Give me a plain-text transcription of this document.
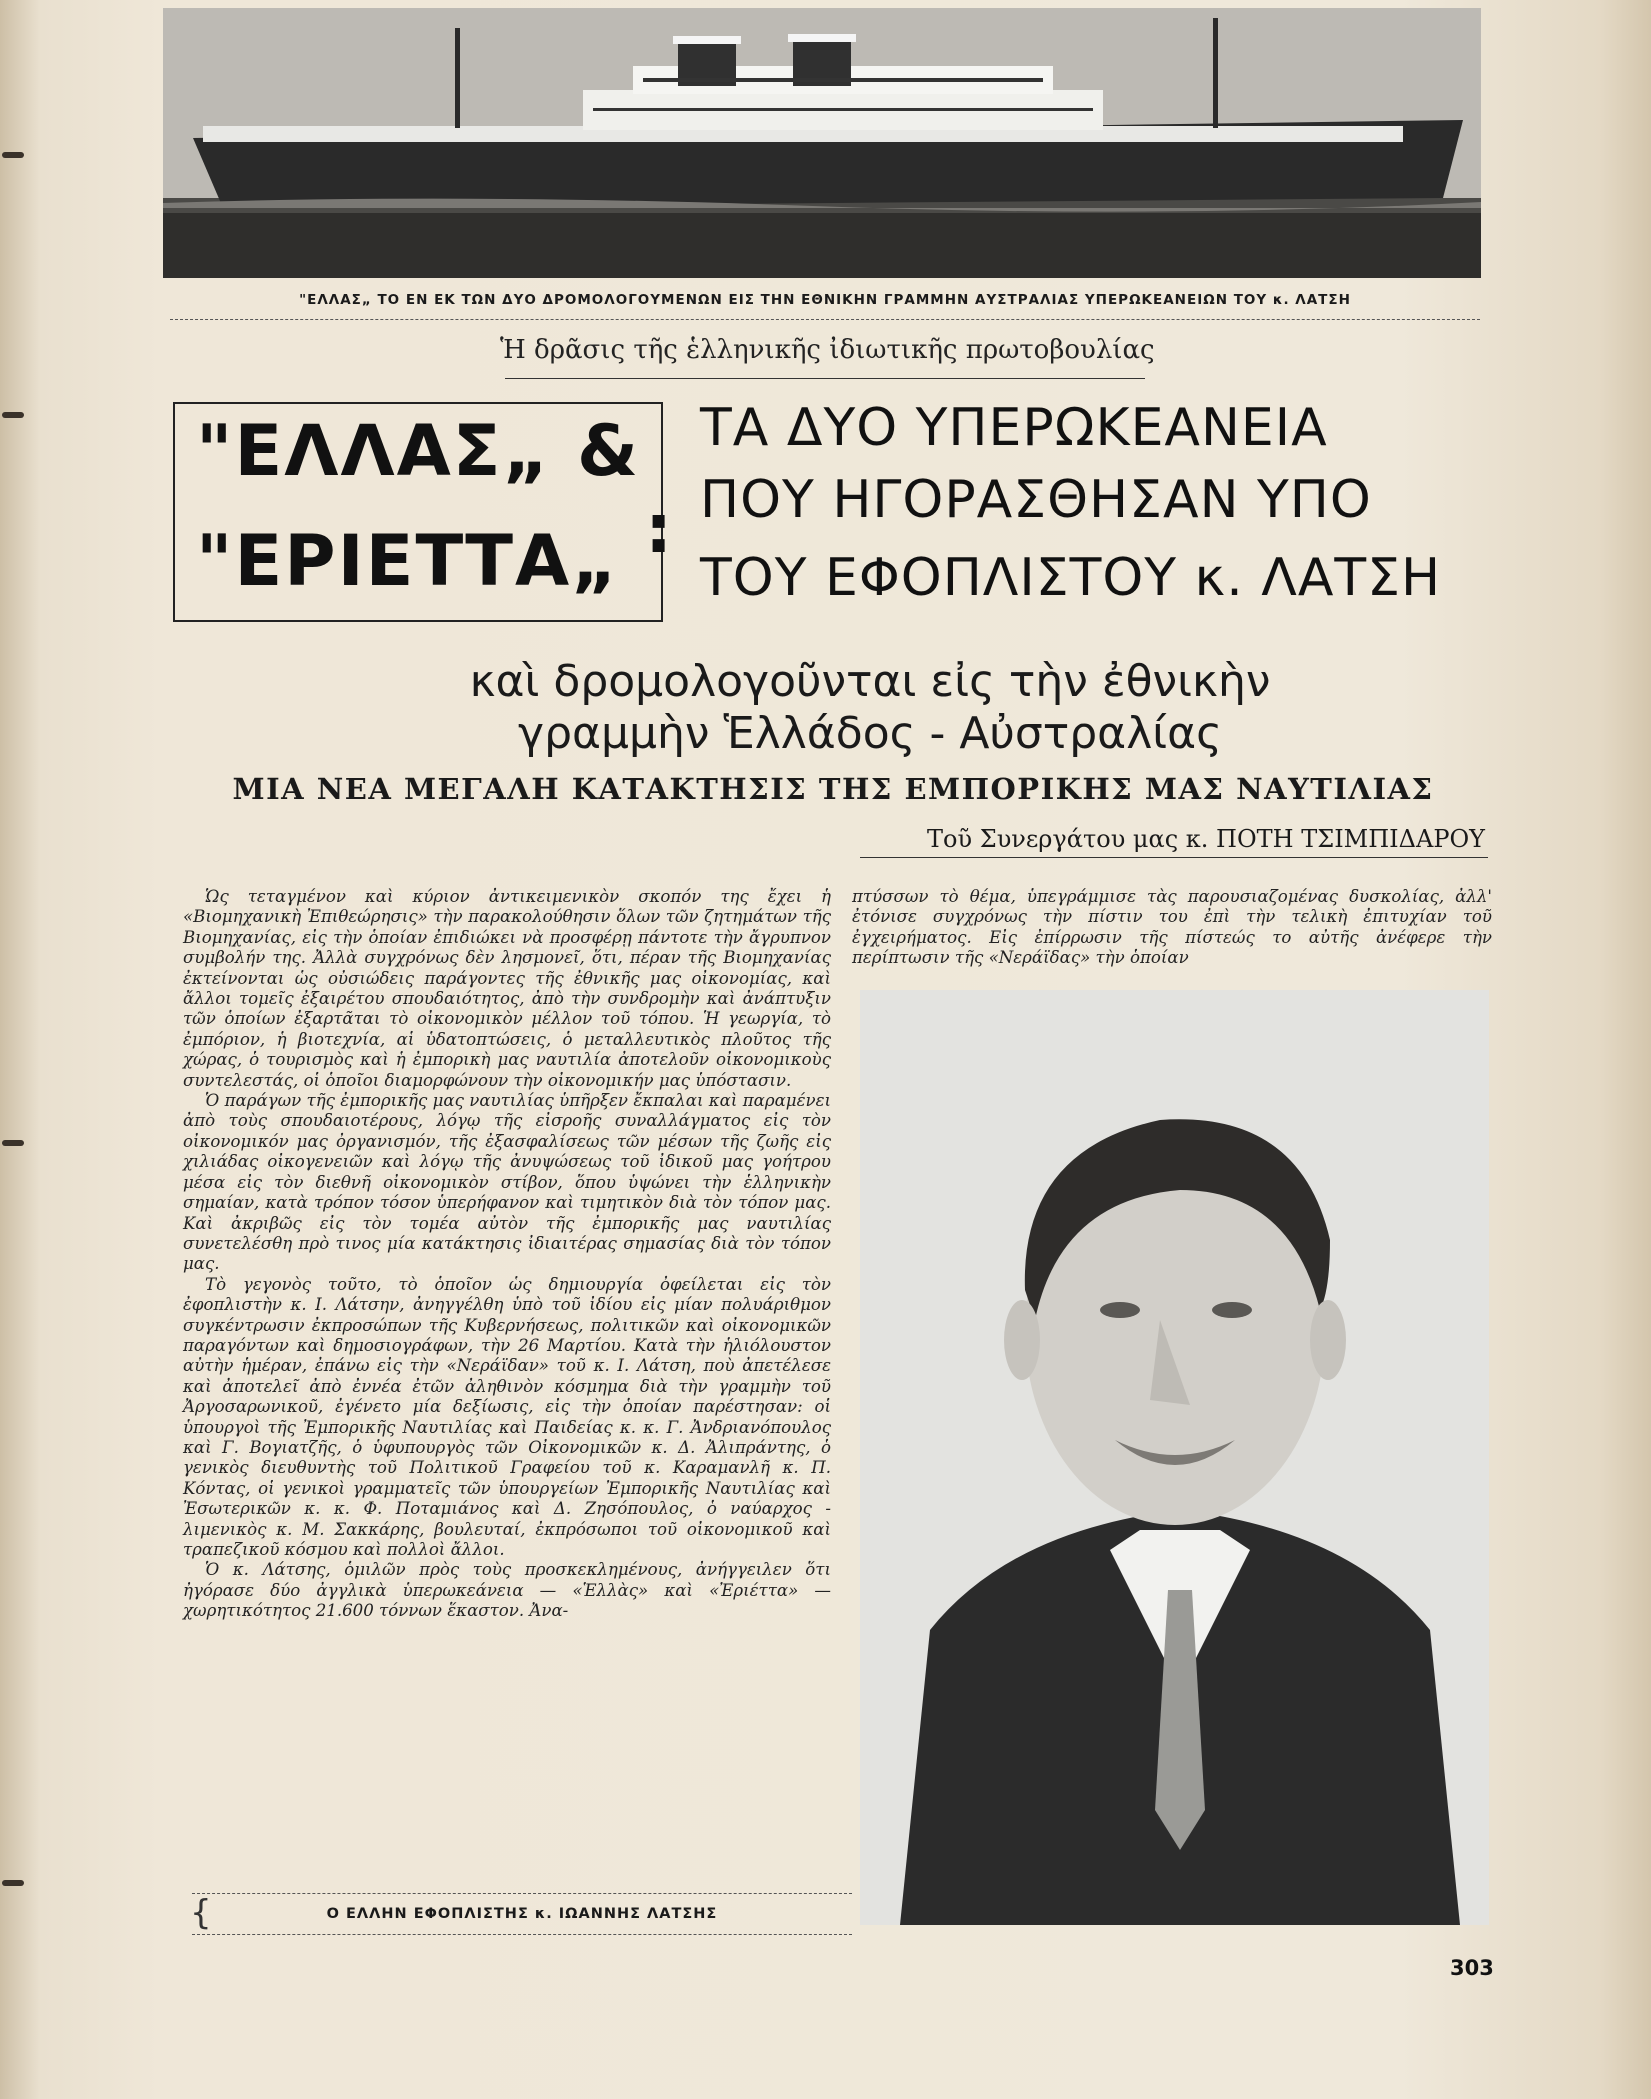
"ΕΛΛΑΣ„ ΤΟ ΕΝ ΕΚ ΤΩΝ ΔΥΟ ΔΡΟΜΟΛΟΓΟΥΜΕΝΩΝ ΕΙΣ ΤΗΝ ΕΘΝΙΚΗΝ ΓΡΑΜΜΗΝ ΑΥΣΤΡΑΛΙΑΣ ΥΠΕΡΩΚΕΑΝΕΙΩΝ ΤΟΥ κ. ΛΑΤΣΗ
Ἡ δρᾶσις τῆς ἑλληνικῆς ἰδιωτικῆς πρωτοβουλίας
"ΕΛΛΑΣ„ &
"ΕΡΙΕΤΤΑ„ :
ΤΑ ΔΥΟ ΥΠΕΡΩΚΕΑΝΕΙΑ
ΠΟΥ ΗΓΟΡΑΣΘΗΣΑΝ ΥΠΟ
ΤΟΥ ΕΦΟΠΛΙΣΤΟΥ κ. ΛΑΤΣΗ
καὶ δρομολογοῦνται εἰς τὴν ἐθνικὴν
γραμμὴν Ἑλλάδος - Αὐστραλίας
ΜΙΑ ΝΕΑ ΜΕΓΑΛΗ ΚΑΤΑΚΤΗΣΙΣ ΤΗΣ ΕΜΠΟΡΙΚΗΣ ΜΑΣ ΝΑΥΤΙΛΙΑΣ
Τοῦ Συνεργάτου μας κ. ΠΟΤΗ ΤΣΙΜΠΙΔΑΡΟΥ

Ὡς τεταγμένον καὶ κύριον ἀντικειμενικὸν σκοπόν της ἔχει ἡ «Βιομηχανικὴ Ἐπιθεώρησις» τὴν παρακολούθησιν ὅλων τῶν ζητημάτων τῆς Βιομηχανίας, εἰς τὴν ὁποίαν ἐπιδιώκει νὰ προσφέρῃ πάντοτε τὴν ἄγρυπνον συμβολήν της. Ἀλλὰ συγχρόνως δὲν λησμονεῖ, ὅτι, πέραν τῆς Βιομηχανίας ἐκτείνονται ὡς οὐσιώδεις παράγοντες τῆς ἐθνικῆς μας οἰκονομίας, καὶ ἄλλοι τομεῖς ἐξαιρέτου σπουδαιότητος, ἀπὸ τὴν συνδρομὴν καὶ ἀνάπτυξιν τῶν ὁποίων ἐξαρτᾶται τὸ οἰκονομικὸν μέλλον τοῦ τόπου. Ἡ γεωργία, τὸ ἐμπόριον, ἡ βιοτεχνία, αἱ ὑδατοπτώσεις, ὁ μεταλλευτικὸς πλοῦτος τῆς χώρας, ὁ τουρισμὸς καὶ ἡ ἐμπορικὴ μας ναυτιλία ἀποτελοῦν οἰκονομικοὺς συντελεστάς, οἱ ὁποῖοι διαμορφώνουν τὴν οἰκονομικήν μας ὑπόστασιν.

Ὁ παράγων τῆς ἐμπορικῆς μας ναυτιλίας ὑπῆρξεν ἔκπαλαι καὶ παραμένει ἀπὸ τοὺς σπουδαιοτέρους, λόγῳ τῆς εἰσροῆς συναλλάγματος εἰς τὸν οἰκονομικόν μας ὀργανισμόν, τῆς ἐξασφαλίσεως τῶν μέσων τῆς ζωῆς εἰς χιλιάδας οἰκογενειῶν καὶ λόγῳ τῆς ἀνυψώσεως τοῦ ἰδικοῦ μας γοήτρου μέσα εἰς τὸν διεθνῆ οἰκονομικὸν στίβον, ὅπου ὑψώνει τὴν ἑλληνικὴν σημαίαν, κατὰ τρόπον τόσον ὑπερήφανον καὶ τιμητικὸν διὰ τὸν τόπον μας. Καὶ ἀκριβῶς εἰς τὸν τομέα αὐτὸν τῆς ἐμπορικῆς μας ναυτιλίας συνετελέσθη πρὸ τινος μία κατάκτησις ἰδιαιτέρας σημασίας διὰ τὸν τόπον μας.

Τὸ γεγονὸς τοῦτο, τὸ ὁποῖον ὡς δημιουργία ὀφείλεται εἰς τὸν ἐφοπλιστὴν κ. Ι. Λάτσην, ἀνηγγέλθη ὑπὸ τοῦ ἰδίου εἰς μίαν πολυάριθμον συγκέντρωσιν ἐκπροσώπων τῆς Κυβερνήσεως, πολιτικῶν καὶ οἰκονομικῶν παραγόντων καὶ δημοσιογράφων, τὴν 26 Μαρτίου. Κατὰ τὴν ἡλιόλουστον αὐτὴν ἡμέραν, ἐπάνω εἰς τὴν «Νεράϊδαν» τοῦ κ. Ι. Λάτση, ποὺ ἀπετέλεσε καὶ ἀποτελεῖ ἀπὸ ἐννέα ἐτῶν ἀληθινὸν κόσμημα διὰ τὴν γραμμὴν τοῦ Ἀργοσαρωνικοῦ, ἐγένετο μία δεξίωσις, εἰς τὴν ὁποίαν παρέστησαν: οἱ ὑπουργοὶ τῆς Ἐμπορικῆς Ναυτιλίας καὶ Παιδείας κ. κ. Γ. Ἀνδριανόπουλος καὶ Γ. Βογιατζῆς, ὁ ὑφυπουργὸς τῶν Οἰκονομικῶν κ. Δ. Ἀλιπράντης, ὁ γενικὸς διευθυντὴς τοῦ Πολιτικοῦ Γραφείου τοῦ κ. Καραμανλῆ κ. Π. Κόντας, οἱ γενικοὶ γραμματεῖς τῶν ὑπουργείων Ἐμπορικῆς Ναυτιλίας καὶ Ἐσωτερικῶν κ. κ. Φ. Ποταμιάνος καὶ Δ. Ζησόπουλος, ὁ ναύαρχος - λιμενικὸς κ. Μ. Σακκάρης, βουλευταί, ἐκπρόσωποι τοῦ οἰκονομικοῦ καὶ τραπεζικοῦ κόσμου καὶ πολλοὶ ἄλλοι.

Ὁ κ. Λάτσης, ὁμιλῶν πρὸς τοὺς προσκεκλημένους, ἀνήγγειλεν ὅτι ἠγόρασε δύο ἀγγλικὰ ὑπερωκεάνεια — «Ἑλλὰς» καὶ «Ἐριέττα» — χωρητικότητος 21.600 τόννων ἕκαστον. Ἀνα-

πτύσσων τὸ θέμα, ὑπεγράμμισε τὰς παρουσιαζομένας δυσκολίας, ἀλλ' ἐτόνισε συγχρόνως τὴν πίστιν του ἐπὶ τὴν τελικὴ ἐπιτυχίαν τοῦ ἐγχειρήματος. Εἰς ἐπίρρωσιν τῆς πίστεώς το αὐτῆς ἀνέφερε τὴν περίπτωσιν τῆς «Νεράϊδας» τὴν ὁποίαν

{	Ο ΕΛΛΗΝ ΕΦΟΠΛΙΣΤΗΣ κ. ΙΩΑΝΝΗΣ ΛΑΤΣΗΣ
303
